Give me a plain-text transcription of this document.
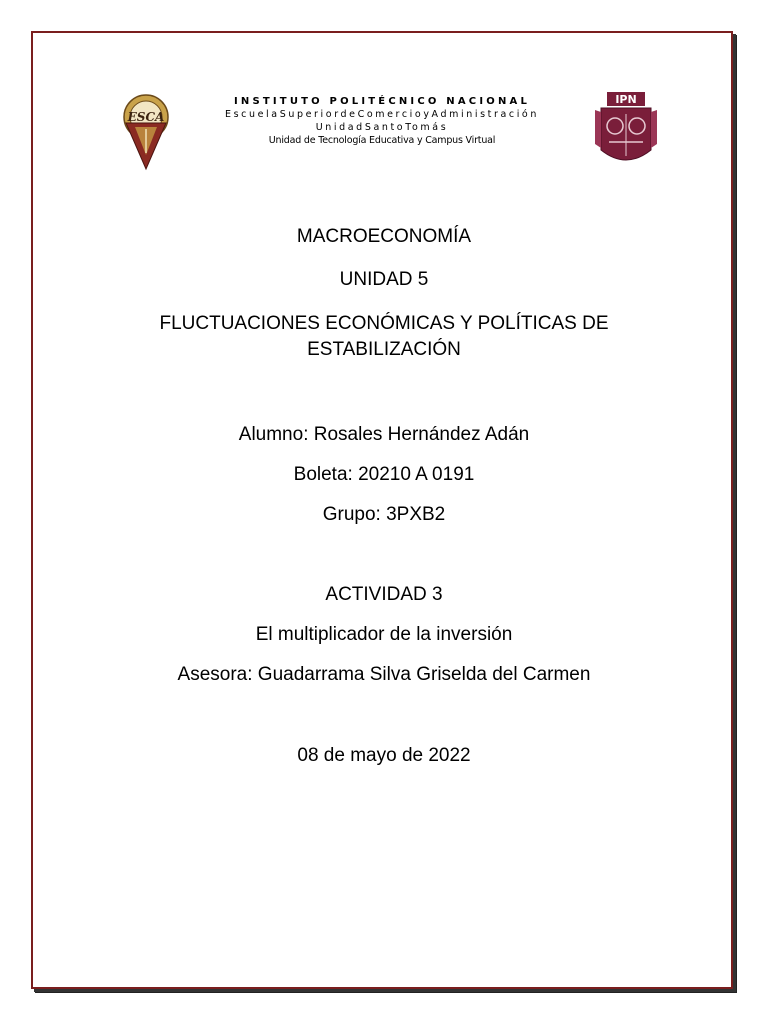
ESCA
INSTITUTO POLITÉCNICO NACIONAL
EscuelaSuperiordeComercioyAdministración
UnidadSantoTomás
Unidad de Tecnología Educativa y Campus Virtual
IPN
MACROECONOMÍA
UNIDAD 5
FLUCTUACIONES ECONÓMICAS Y POLÍTICAS DE
ESTABILIZACIÓN
Alumno: Rosales Hernández Adán
Boleta: 20210 A 0191
Grupo: 3PXB2
ACTIVIDAD 3
El multiplicador de la inversión
Asesora: Guadarrama Silva Griselda del Carmen
08 de mayo de 2022
